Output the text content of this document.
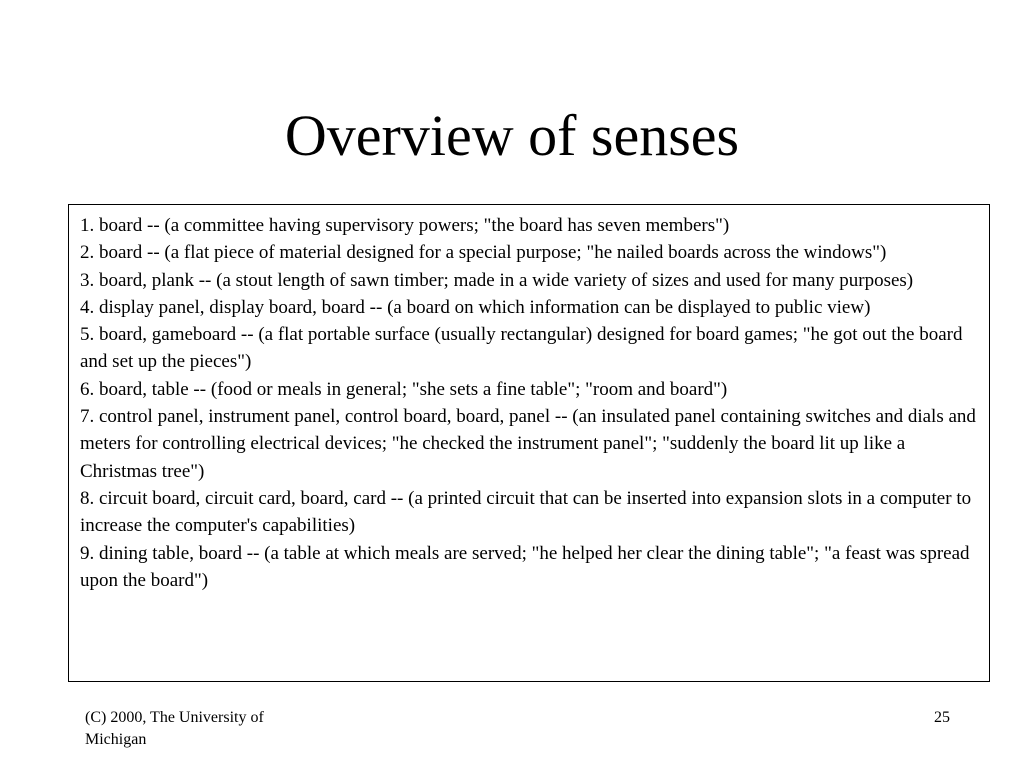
Overview of senses

1. board -- (a committee having supervisory powers; "the board has seven members")

2. board -- (a flat piece of material designed for a special purpose; "he nailed boards across the windows")

3. board, plank -- (a stout length of sawn timber; made in a wide variety of sizes and used for many purposes)

4. display panel, display board, board -- (a board on which information can be displayed to public view)

5. board, gameboard -- (a flat portable surface (usually rectangular) designed for board games; "he got out the board and set up the pieces")

6. board, table -- (food or meals in general; "she sets a fine table"; "room and board")

7. control panel, instrument panel, control board, board, panel -- (an insulated panel containing switches and dials and meters for controlling electrical devices; "he checked the instrument panel"; "suddenly the board lit up like a Christmas tree")

8. circuit board, circuit card, board, card -- (a printed circuit that can be inserted into expansion slots in a computer to increase the computer's capabilities)

9. dining table, board -- (a table at which meals are served; "he helped her clear the dining table"; "a feast was spread upon the board")

(C) 2000, The University of Michigan
25
